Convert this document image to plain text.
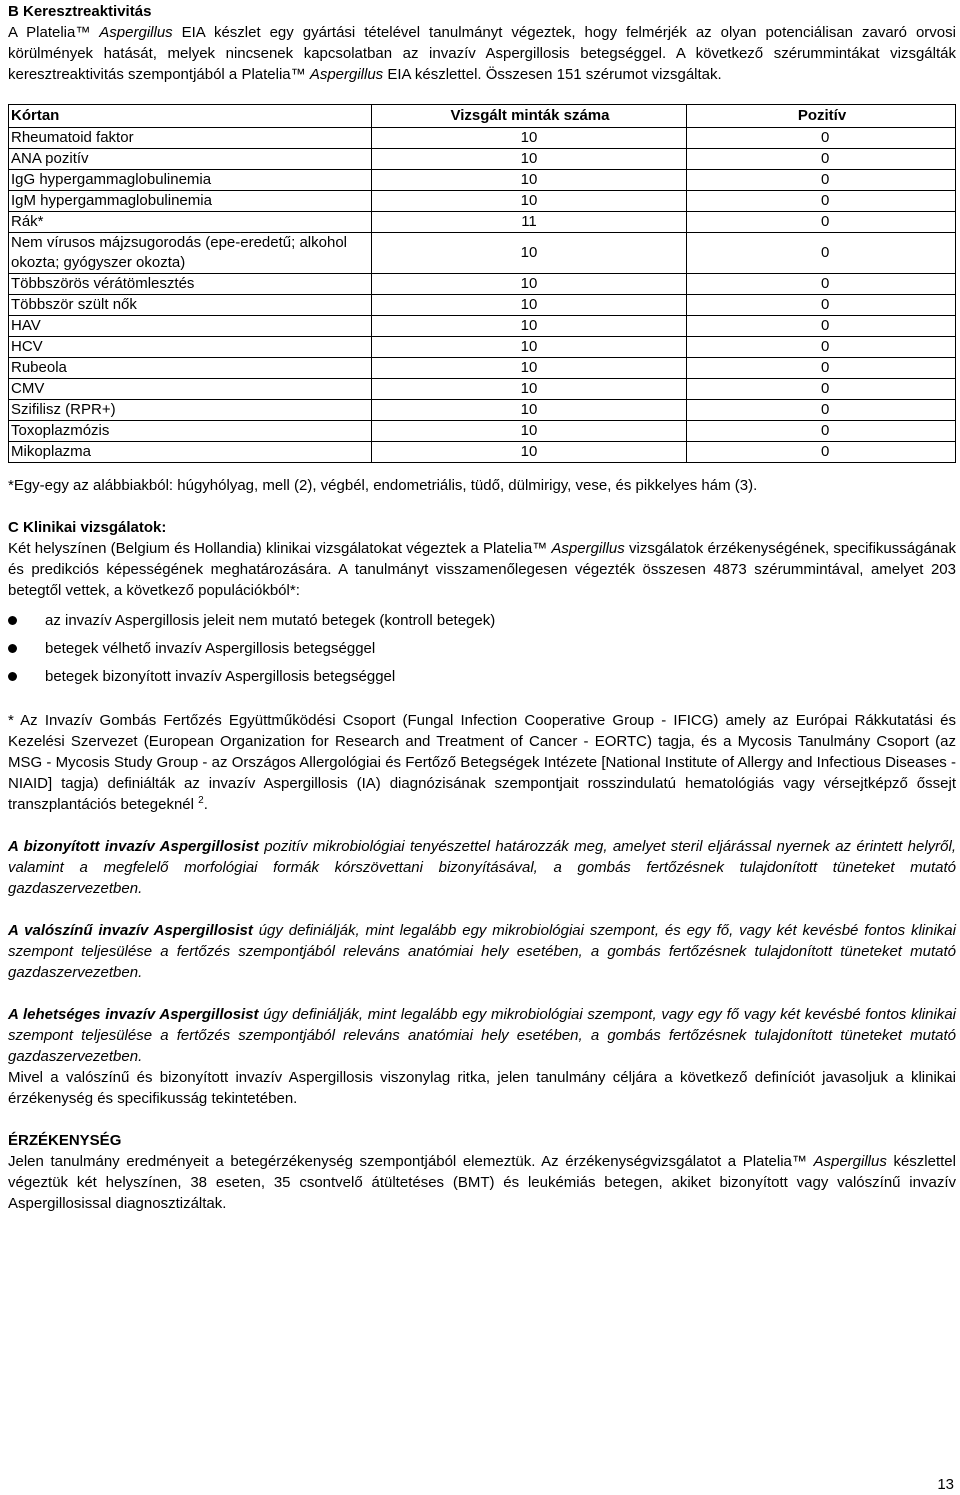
B Keresztreaktivitás

A Platelia™ Aspergillus EIA készlet egy gyártási tételével tanulmányt végeztek, hogy felmérjék az olyan potenciálisan zavaró orvosi körülmények hatását, melyek nincsenek kapcsolatban az invazív Aspergillosis betegséggel. A következő szérummintákat vizsgálták keresztreaktivitás szempontjából a Platelia™ Aspergillus EIA készlettel. Összesen 151 szérumot vizsgáltak.

Kórtan	Vizsgált minták száma	Pozitív
Rheumatoid faktor	10	0
ANA pozitív	10	0
IgG hypergammaglobulinemia	10	0
IgM hypergammaglobulinemia	10	0
Rák*	11	0
Nem vírusos májzsugorodás (epe-eredetű; alkohol okozta; gyógyszer okozta)	10	0
Többszörös vérátömlesztés	10	0
Többször szült nők	10	0
HAV	10	0
HCV	10	0
Rubeola	10	0
CMV	10	0
Szifilisz (RPR+)	10	0
Toxoplazmózis	10	0
Mikoplazma	10	0

*Egy-egy az alábbiakból: húgyhólyag, mell (2), végbél, endometriális, tüdő, dülmirigy, vese, és pikkelyes hám (3).

C Klinikai vizsgálatok:

Két helyszínen (Belgium és Hollandia) klinikai vizsgálatokat végeztek a Platelia™ Aspergillus vizsgálatok érzékenységének, specifikusságának és predikciós képességének meghatározására. A tanulmányt visszamenőlegesen végezték összesen 4873 szérummintával, amelyet 203 betegtől vettek, a következő populációkból*:

az invazív Aspergillosis jeleit nem mutató betegek (kontroll betegek)
betegek vélhető invazív Aspergillosis betegséggel
betegek bizonyított invazív Aspergillosis betegséggel

* Az Invazív Gombás Fertőzés Együttműködési Csoport (Fungal Infection Cooperative Group - IFICG) amely az Európai Rákkutatási és Kezelési Szervezet (European Organization for Research and Treatment of Cancer - EORTC) tagja, és a Mycosis Tanulmány Csoport (az MSG - Mycosis Study Group - az Országos Allergológiai és Fertőző Betegségek Intézete [National Institute of Allergy and Infectious Diseases - NIAID] tagja) definiálták az invazív Aspergillosis (IA) diagnózisának szempontjait rosszindulatú hematológiás vagy vérsejtképző őssejt transzplantációs betegeknél $^2$.

A bizonyított invazív Aspergillosist pozitív mikrobiológiai tenyészettel határozzák meg, amelyet steril eljárással nyernek az érintett helyről, valamint a megfelelő morfológiai formák kórszövettani bizonyításával, a gombás fertőzésnek tulajdonított tüneteket mutató gazdaszervezetben.

A valószínű invazív Aspergillosist úgy definiálják, mint legalább egy mikrobiológiai szempont, és egy fő, vagy két kevésbé fontos klinikai szempont teljesülése a fertőzés szempontjából releváns anatómiai hely esetében, a gombás fertőzésnek tulajdonított tüneteket mutató gazdaszervezetben.

A lehetséges invazív Aspergillosist úgy definiálják, mint legalább egy mikrobiológiai szempont, vagy egy fő vagy két kevésbé fontos klinikai szempont teljesülése a fertőzés szempontjából releváns anatómiai hely esetében, a gombás fertőzésnek tulajdonított tüneteket mutató gazdaszervezetben.

Mivel a valószínű és bizonyított invazív Aspergillosis viszonylag ritka, jelen tanulmány céljára a következő definíciót javasoljuk a klinikai érzékenység és specifikusság tekintetében.

ÉRZÉKENYSÉG

Jelen tanulmány eredményeit a betegérzékenység szempontjából elemeztük. Az érzékenységvizsgálatot a Platelia™ Aspergillus készlettel végeztük két helyszínen, 38 eseten, 35 csontvelő átültetéses (BMT) és leukémiás betegen, akiket bizonyított vagy valószínű invazív Aspergillosissal diagnosztizáltak.

13
